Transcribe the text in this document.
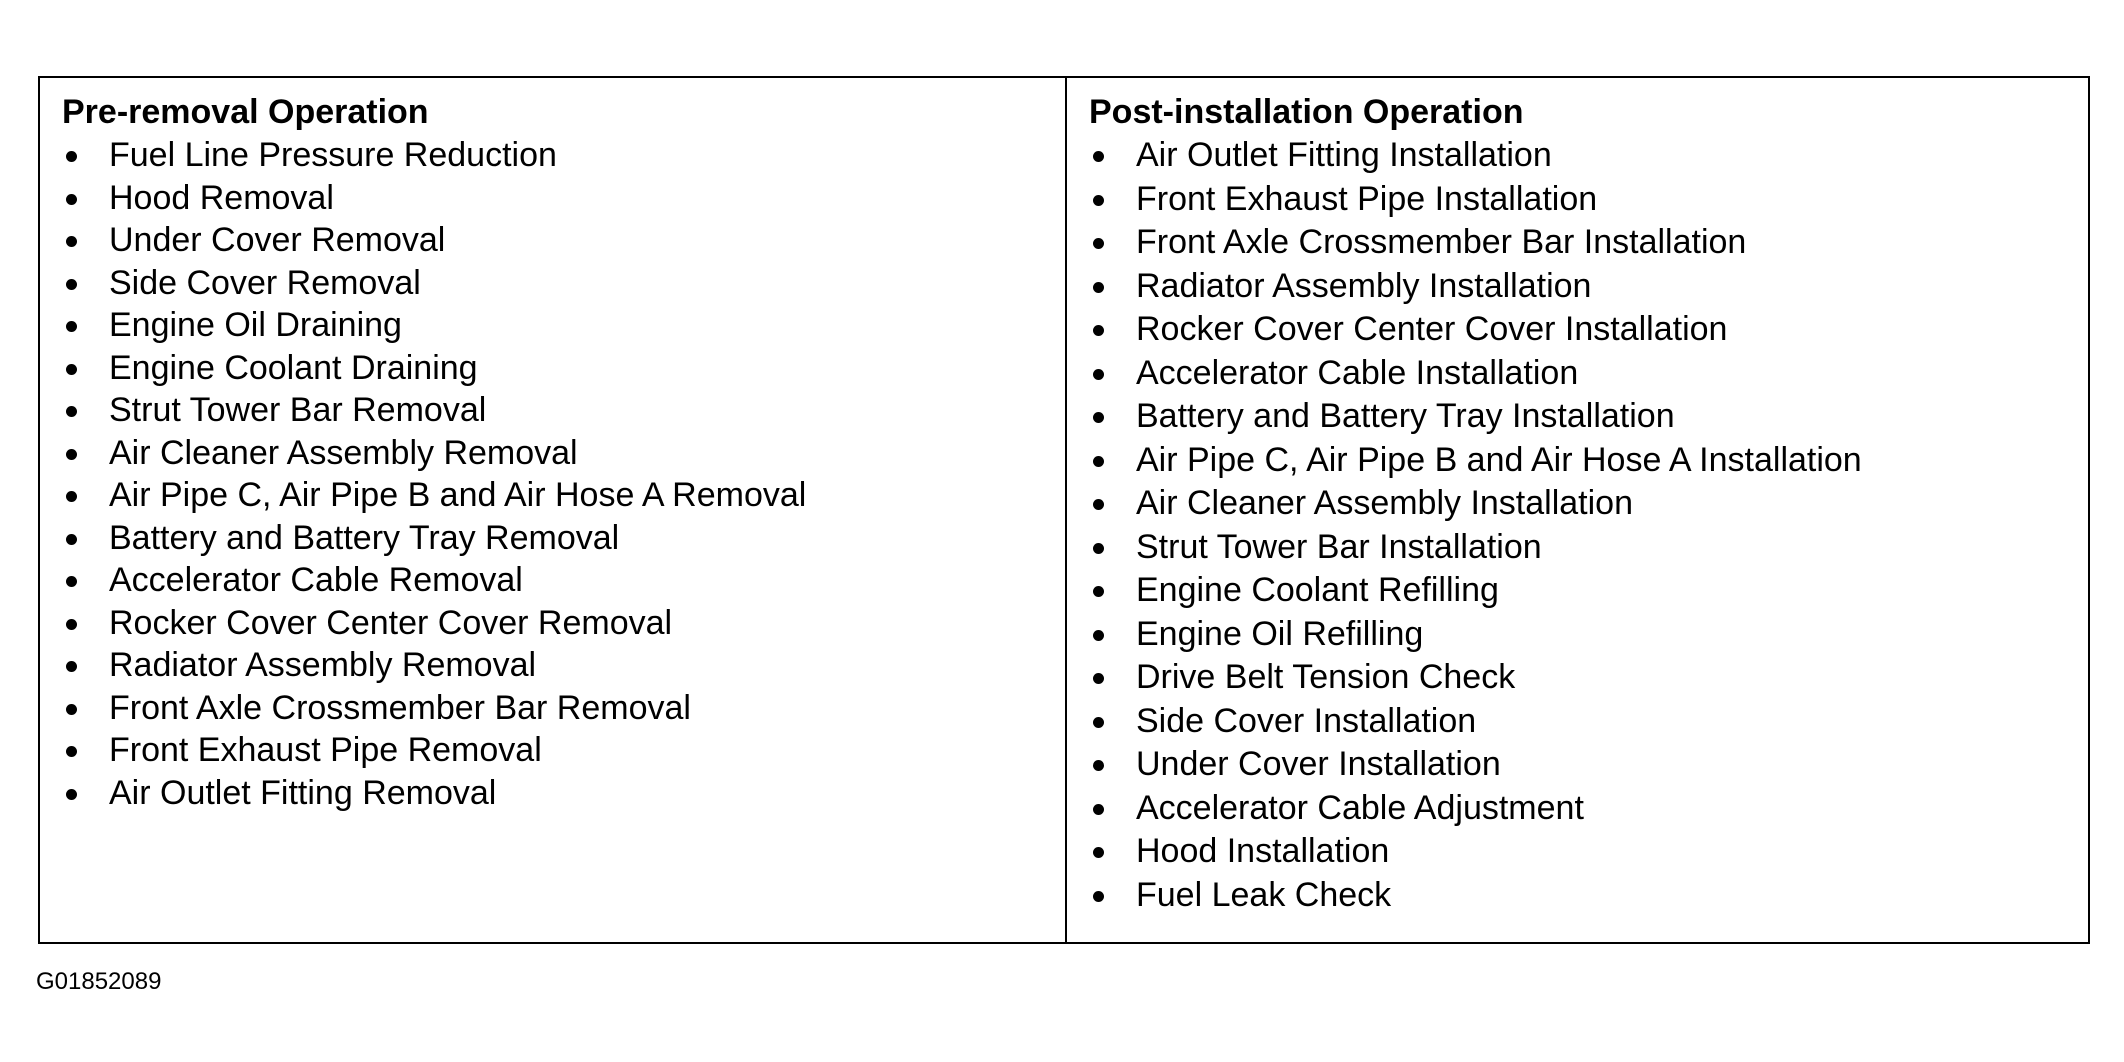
Pre-removal Operation
Fuel Line Pressure Reduction
Hood Removal
Under Cover Removal
Side Cover Removal
Engine Oil Draining
Engine Coolant Draining
Strut Tower Bar Removal
Air Cleaner Assembly Removal
Air Pipe C, Air Pipe B and Air Hose A Removal
Battery and Battery Tray Removal
Accelerator Cable Removal
Rocker Cover Center Cover Removal
Radiator Assembly Removal
Front Axle Crossmember Bar Removal
Front Exhaust Pipe Removal
Air Outlet Fitting Removal
Post-installation Operation
Air Outlet Fitting Installation
Front Exhaust Pipe Installation
Front Axle Crossmember Bar Installation
Radiator Assembly Installation
Rocker Cover Center Cover Installation
Accelerator Cable Installation
Battery and Battery Tray Installation
Air Pipe C, Air Pipe B and Air Hose A Installation
Air Cleaner Assembly Installation
Strut Tower Bar Installation
Engine Coolant Refilling
Engine Oil Refilling
Drive Belt Tension Check
Side Cover Installation
Under Cover Installation
Accelerator Cable Adjustment
Hood Installation
Fuel Leak Check
G01852089
